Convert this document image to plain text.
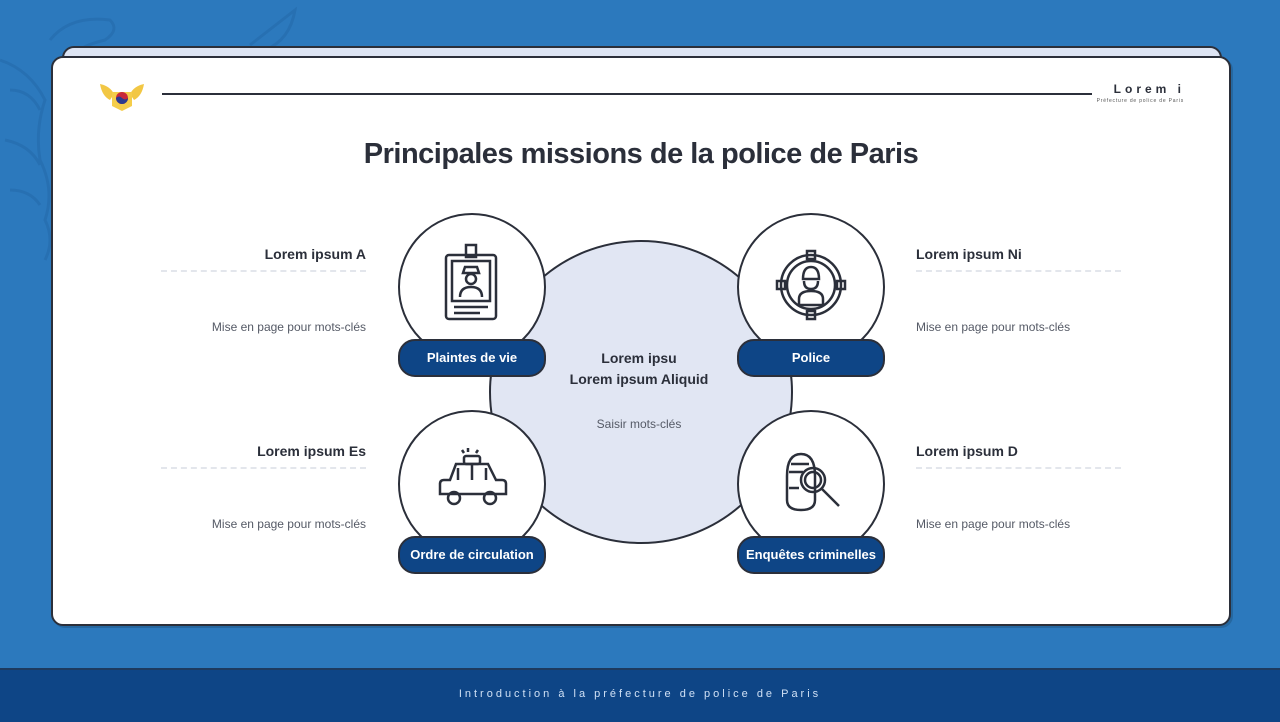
Lorem i
Préfecture de police de Paris
Principales missions de la police de Paris
Lorem ipsu
Lorem ipsum Aliquid
Saisir mots-clés
Plaintes de vie	Police
Ordre de circulation	Enquêtes criminelles
Lorem ipsum A
Mise en page pour mots-clés
Lorem ipsum Ni
Mise en page pour mots-clés
Lorem ipsum Es
Mise en page pour mots-clés
Lorem ipsum D
Mise en page pour mots-clés
Introduction à la préfecture de police de Paris
